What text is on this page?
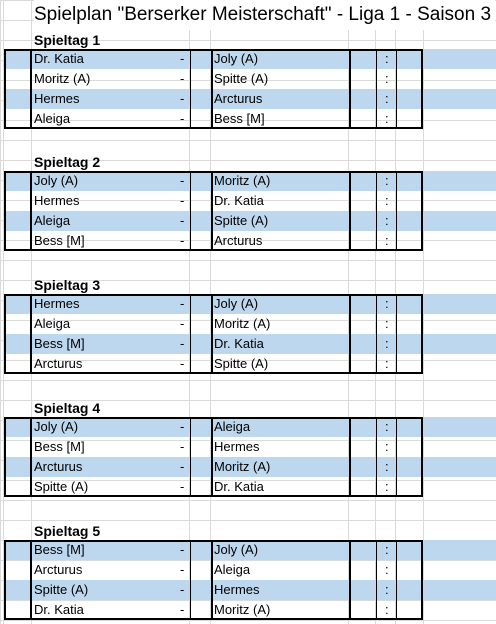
Spielplan "Berserker Meisterschaft" - Liga 1 - Saison 3
Spieltag 1
Dr. Katia	- Joly (A)	:
Moritz (A)	- Spitte (A)	:
Hermes	- Arcturus	:
Aleiga	- Bess [M]	:
Spieltag 2
Joly (A)	- Moritz (A)	:
Hermes	- Dr. Katia	:
Aleiga	- Spitte (A)	:
Bess [M]	- Arcturus	:
Spieltag 3
Hermes	- Joly (A)	:
Aleiga	- Moritz (A)	:
Bess [M]	- Dr. Katia	:
Arcturus	- Spitte (A)	:
Spieltag 4
Joly (A)	- Aleiga	:
Bess [M]	- Hermes	:
Arcturus	- Moritz (A)	:
Spitte (A)	- Dr. Katia	:
Spieltag 5
Bess [M]	- Joly (A)	:
Arcturus	- Aleiga	:
Spitte (A)	- Hermes	:
Dr. Katia	- Moritz (A)	:
